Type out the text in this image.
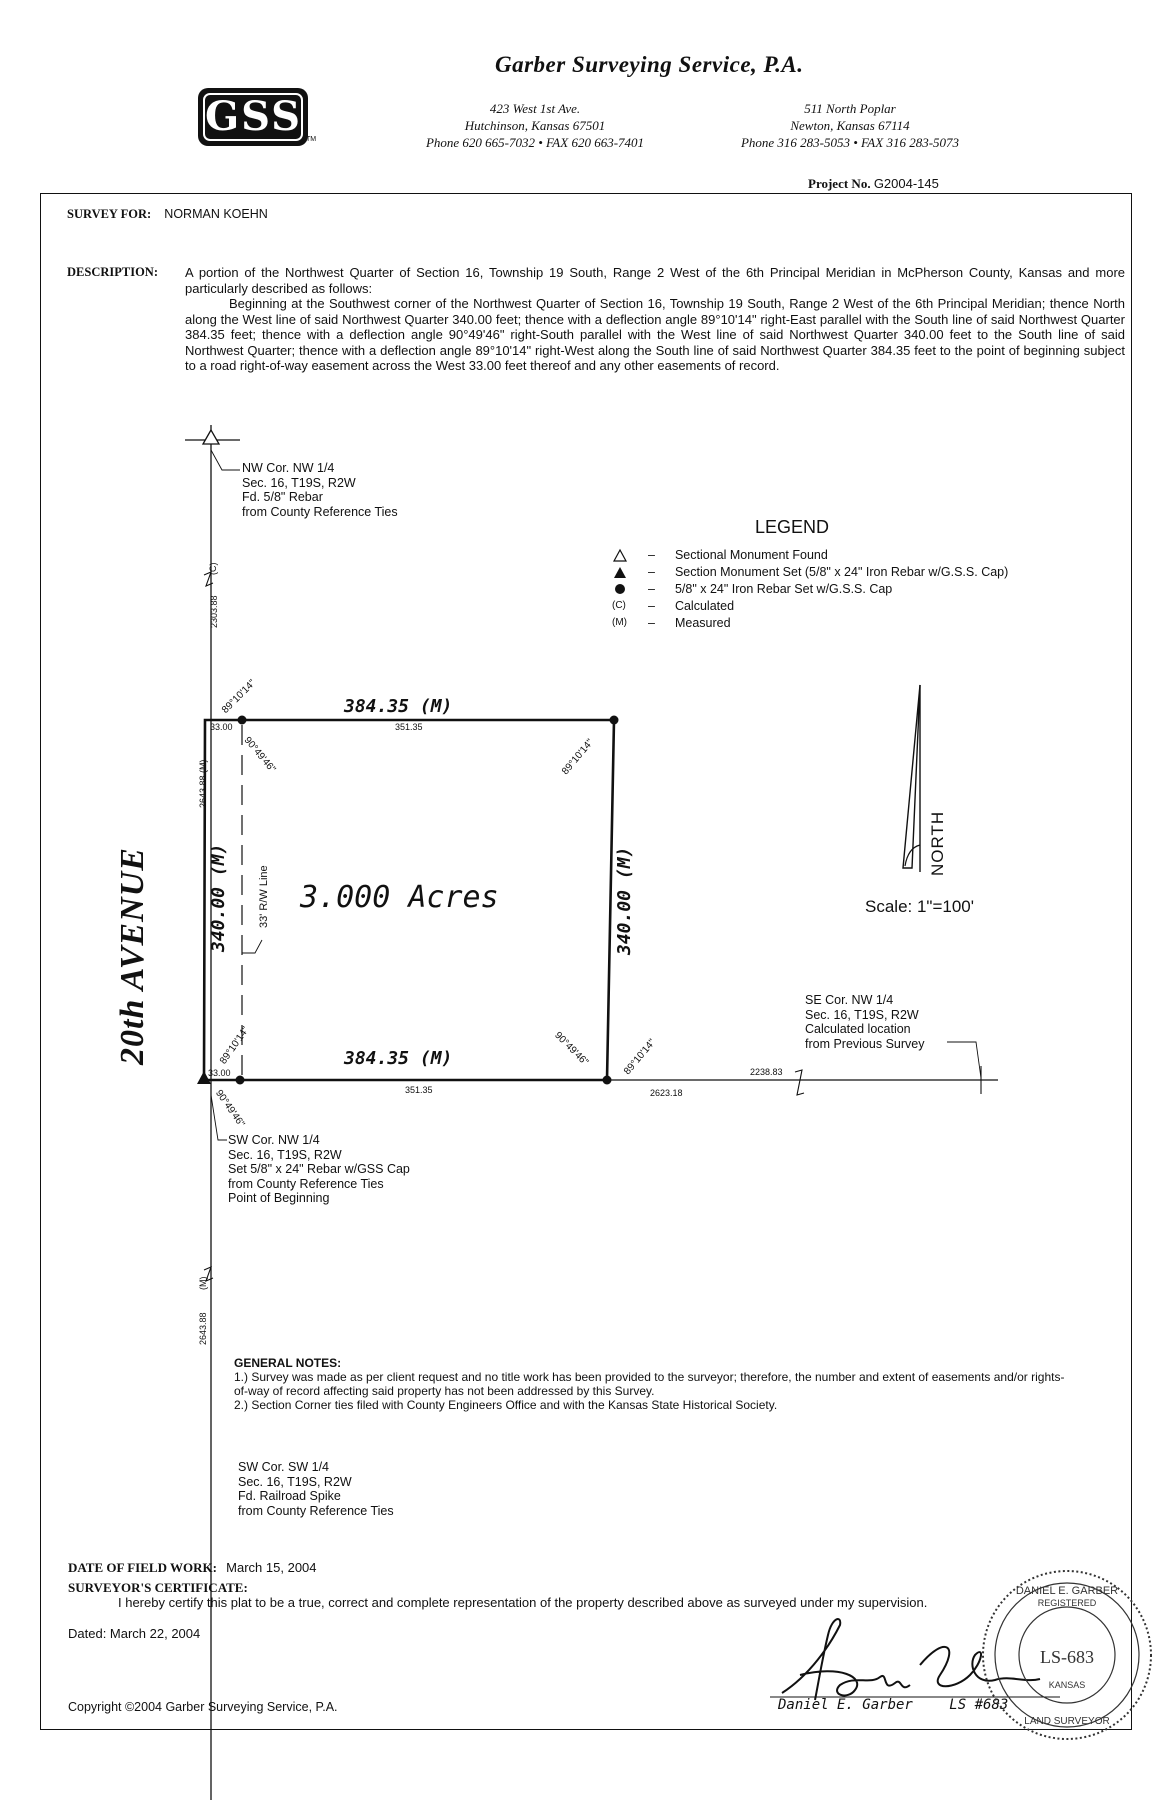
GSS TM
Garber Surveying Service, P.A.
423 West 1st Ave.
Hutchinson, Kansas 67501
Phone 620 665-7032 • FAX 620 663-7401
511 North Poplar
Newton, Kansas 67114
Phone 316 283-5053 • FAX 316 283-5073
Project No. G2004-145
SURVEY FOR: NORMAN KOEHN
DESCRIPTION: A portion of the Northwest Quarter of Section 16, Township 19 South, Range 2 West of the 6th Principal Meridian in McPherson County, Kansas and more particularly described as follows:

Beginning at the Southwest corner of the Northwest Quarter of Section 16, Township 19 South, Range 2 West of the 6th Principal Meridian; thence North along the West line of said Northwest Quarter 340.00 feet; thence with a deflection angle 89°10'14" right-East parallel with the South line of said Northwest Quarter 384.35 feet; thence with a deflection angle 90°49'46" right-South parallel with the West line of said Northwest Quarter 340.00 feet to the South line of said Northwest Quarter; thence with a deflection angle 89°10'14" right-West along the South line of said Northwest Quarter 384.35 feet to the point of beginning subject to a road right-of-way easement across the West 33.00 feet thereof and any other easements of record.

20th AVENUE	3.000 Acres
384.35 (M)
351.35
384.35 (M)
351.35
340.00 (M)	340.00 (M)
89°10'14"
90°49'46"	89°10'14"
89°10'14"
90°49'46"
90°49'46"	89°10'14"
33.00
33.00
33' R/W Line
2303.88
(C)
2643.88 (M)
2643.88
(M)
2623.18
2238.83
NORTH
Scale: 1"=100'
NW Cor. NW 1/4
Sec. 16, T19S, R2W
Fd. 5/8" Rebar
from County Reference Ties
SE Cor. NW 1/4
Sec. 16, T19S, R2W
Calculated location
from Previous Survey
SW Cor. NW 1/4
Sec. 16, T19S, R2W
Set 5/8" x 24" Rebar w/GSS Cap
from County Reference Ties
Point of Beginning
LEGEND
– Sectional Monument Found
– Section Monument Set (5/8" x 24" Iron Rebar w/G.S.S. Cap)
– 5/8" x 24" Iron Rebar Set w/G.S.S. Cap
(C) – Calculated
(M) – Measured

GENERAL NOTES:

1.) Survey was made as per client request and no title work has been provided to the surveyor; therefore, the number and extent of easements and/or rights-of-way of record affecting said property has not been addressed by this Survey.

2.) Section Corner ties filed with County Engineers Office and with the Kansas State Historical Society.

SW Cor. SW 1/4
Sec. 16, T19S, R2W
Fd. Railroad Spike
from County Reference Ties
DATE OF FIELD WORK: March 15, 2004
SURVEYOR'S CERTIFICATE:
I hereby certify this plat to be a true, correct and complete representation of the property described above as surveyed under my supervision.
Dated: March 22, 2004
Copyright ©2004 Garber Surveying Service, P.A.	Daniel E. Garber	LS #683
REGISTERED
DANIEL E. GARBER
LS-683
KANSAS
LAND SURVEYOR
